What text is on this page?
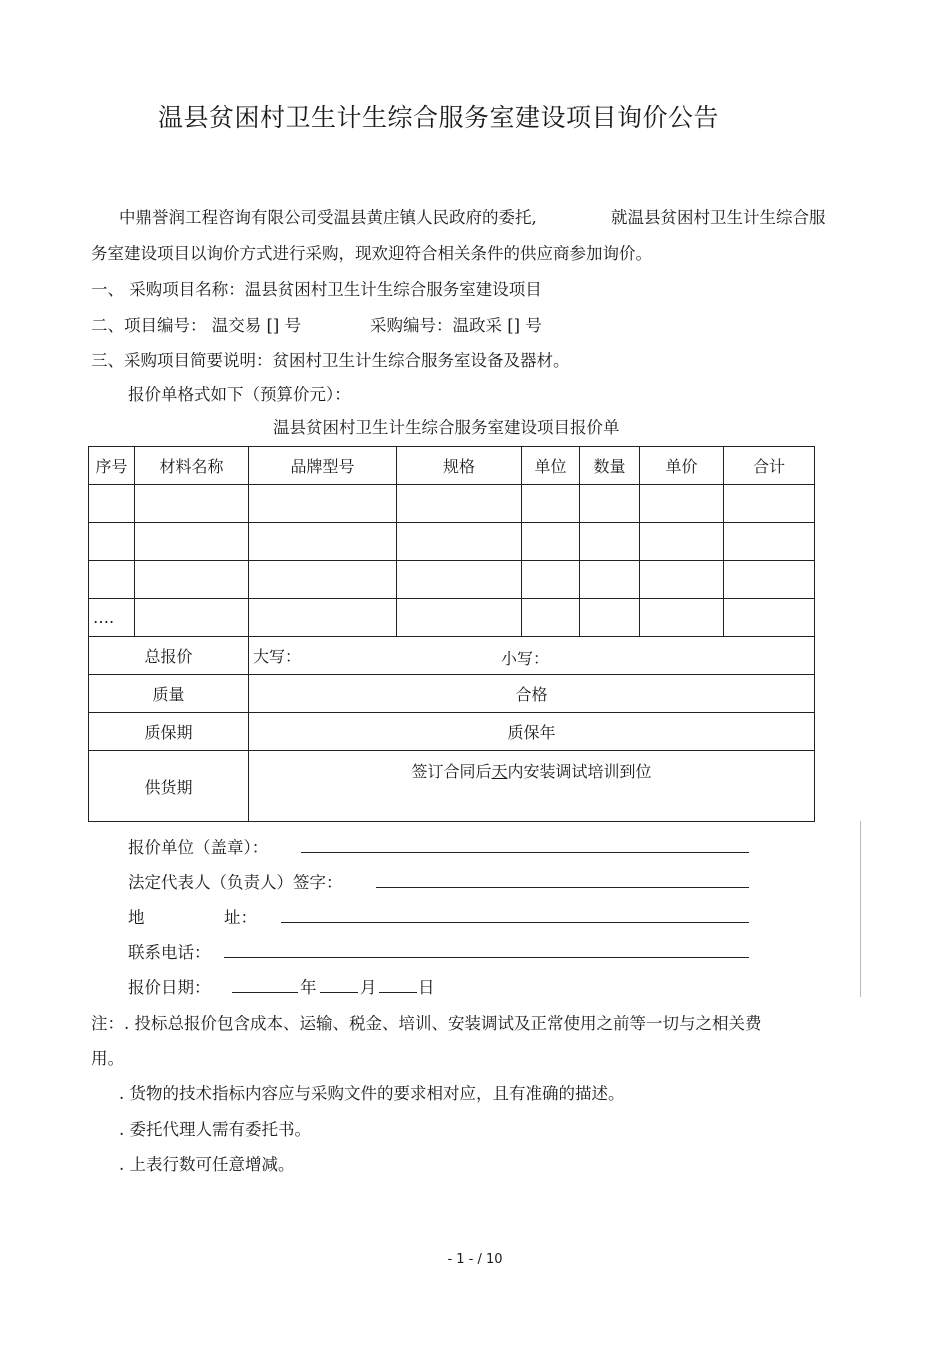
温县贫困村卫生计生综合服务室建设项目询价公告
中鼎誉润工程咨询有限公司受温县黄庄镇人民政府的委托,	就温县贫困村卫生计生综合服
务室建设项目以询价方式进行采购，现欢迎符合相关条件的供应商参加询价。
一、 采购项目名称：温县贫困村卫生计生综合服务室建设项目
二、项目编号： 温交易 [] 号	采购编号：温政采 [] 号
三、采购项目简要说明：贫困村卫生计生综合服务室设备及器材。
报价单格式如下（预算价元）：
温县贫困村卫生计生综合服务室建设项目报价单
序号	材料名称	品牌型号	规格	单位	数量	单价	合计

….							
总报价		大写： 小写：					

质量		合格					
质保期		质保年					
供货期		签订合同后天内安装调试培训到位					
报价单位（盖章）：
法定代表人（负责人）签字：
地	址：
联系电话：
报价日期：	年	月	日
注：. 投标总报价包含成本、运输、税金、培训、安装调试及正常使用之前等一切与之相关费
用。
. 货物的技术指标内容应与采购文件的要求相对应，且有准确的描述。
. 委托代理人需有委托书。
. 上表行数可任意增减。
- 1 - / 10
